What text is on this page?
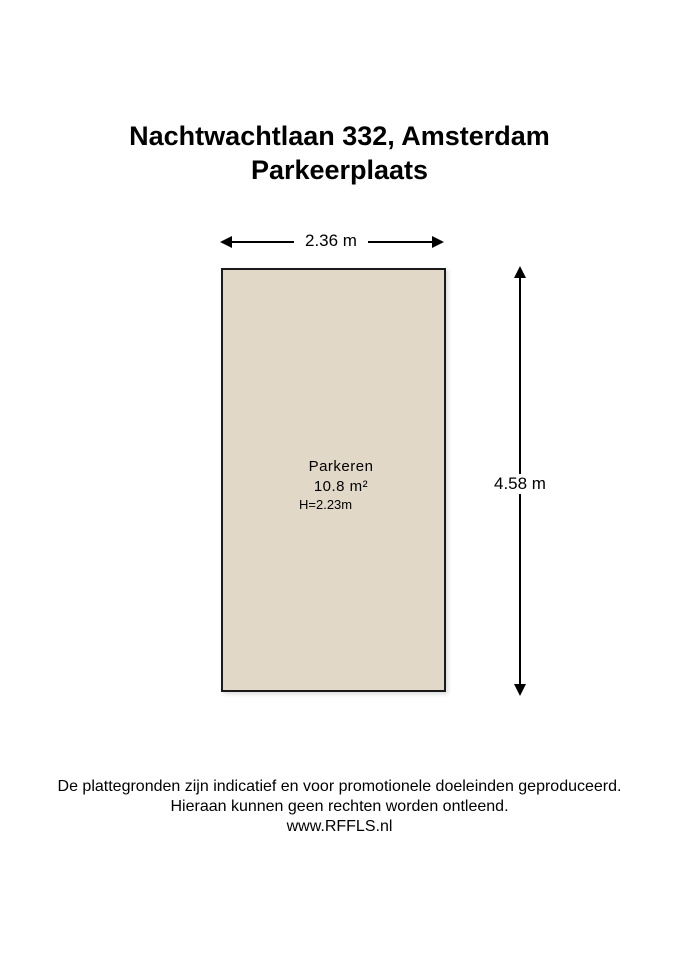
Nachtwachtlaan 332, Amsterdam
Parkeerplaats
2.36 m
Parkeren
10.8 m²
H=2.23m
4.58 m
De plattegronden zijn indicatief en voor promotionele doeleinden geproduceerd.
Hieraan kunnen geen rechten worden ontleend.
www.RFFLS.nl
